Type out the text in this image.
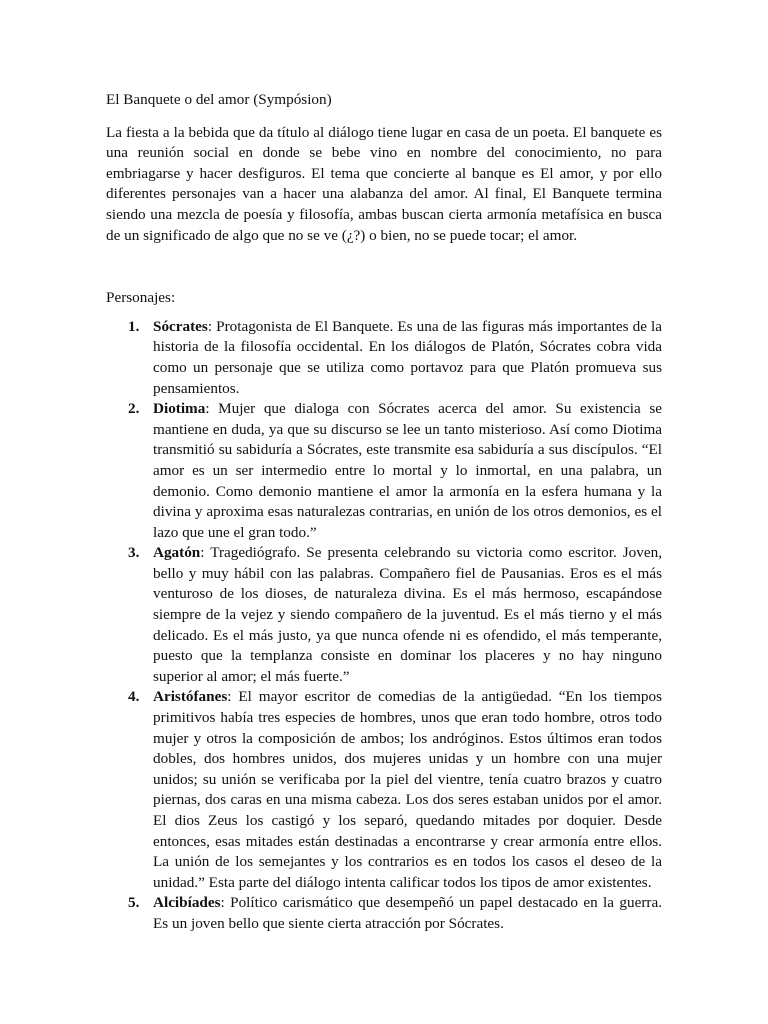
El Banquete o del amor (Sympósion)

La fiesta a la bebida que da título al diálogo tiene lugar en casa de un poeta. El banquete es una reunión social en donde se bebe vino en nombre del conocimiento, no para embriagarse y hacer desfiguros. El tema que concierte al banque es El amor, y por ello diferentes personajes van a hacer una alabanza del amor. Al final, El Banquete termina siendo una mezcla de poesía y filosofía, ambas buscan cierta armonía metafísica en busca de un significado de algo que no se ve (¿?) o bien, no se puede tocar; el amor.

Personajes:

Sócrates: Protagonista de El Banquete. Es una de las figuras más importantes de la historia de la filosofía occidental. En los diálogos de Platón, Sócrates cobra vida como un personaje que se utiliza como portavoz para que Platón promueva sus pensamientos.
Diotima: Mujer que dialoga con Sócrates acerca del amor. Su existencia se mantiene en duda, ya que su discurso se lee un tanto misterioso. Así como Diotima transmitió su sabiduría a Sócrates, este transmite esa sabiduría a sus discípulos. “El amor es un ser intermedio entre lo mortal y lo inmortal, en una palabra, un demonio. Como demonio mantiene el amor la armonía en la esfera humana y la divina y aproxima esas naturalezas contrarias, en unión de los otros demonios, es el lazo que une el gran todo.”
Agatón: Tragediógrafo. Se presenta celebrando su victoria como escritor. Joven, bello y muy hábil con las palabras. Compañero fiel de Pausanias. Eros es el más venturoso de los dioses, de naturaleza divina. Es el más hermoso, escapándose siempre de la vejez y siendo compañero de la juventud. Es el más tierno y el más delicado. Es el más justo, ya que nunca ofende ni es ofendido, el más temperante, puesto que la templanza consiste en dominar los placeres y no hay ninguno superior al amor; el más fuerte.”
Aristófanes: El mayor escritor de comedias de la antigüedad. “En los tiempos primitivos había tres especies de hombres, unos que eran todo hombre, otros todo mujer y otros la composición de ambos; los andróginos. Estos últimos eran todos dobles, dos hombres unidos, dos mujeres unidas y un hombre con una mujer unidos; su unión se verificaba por la piel del vientre, tenía cuatro brazos y cuatro piernas, dos caras en una misma cabeza. Los dos seres estaban unidos por el amor. El dios Zeus los castigó y los separó, quedando mitades por doquier. Desde entonces, esas mitades están destinadas a encontrarse y crear armonía entre ellos. La unión de los semejantes y los contrarios es en todos los casos el deseo de la unidad.” Esta parte del diálogo intenta calificar todos los tipos de amor existentes.
Alcibíades: Político carismático que desempeñó un papel destacado en la guerra. Es un joven bello que siente cierta atracción por Sócrates.
